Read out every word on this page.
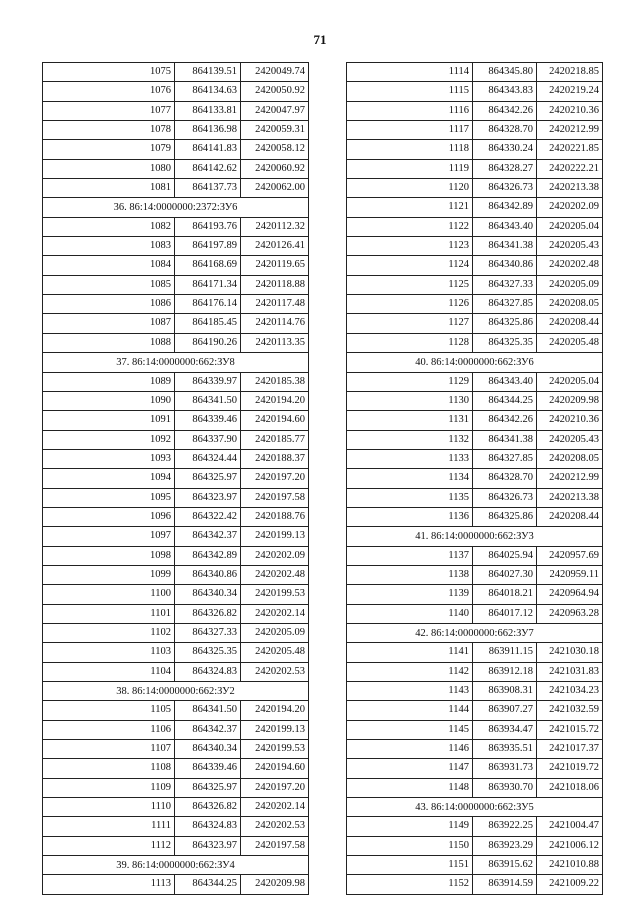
71
1075	864139.51	2420049.74
1076	864134.63	2420050.92
1077	864133.81	2420047.97
1078	864136.98	2420059.31
1079	864141.83	2420058.12
1080	864142.62	2420060.92
1081	864137.73	2420062.00
36. 86:14:0000000:2372:ЗУ6
1082	864193.76	2420112.32
1083	864197.89	2420126.41
1084	864168.69	2420119.65
1085	864171.34	2420118.88
1086	864176.14	2420117.48
1087	864185.45	2420114.76
1088	864190.26	2420113.35
37. 86:14:0000000:662:ЗУ8
1089	864339.97	2420185.38
1090	864341.50	2420194.20
1091	864339.46	2420194.60
1092	864337.90	2420185.77
1093	864324.44	2420188.37
1094	864325.97	2420197.20
1095	864323.97	2420197.58
1096	864322.42	2420188.76
1097	864342.37	2420199.13
1098	864342.89	2420202.09
1099	864340.86	2420202.48
1100	864340.34	2420199.53
1101	864326.82	2420202.14
1102	864327.33	2420205.09
1103	864325.35	2420205.48
1104	864324.83	2420202.53
38. 86:14:0000000:662:ЗУ2
1105	864341.50	2420194.20
1106	864342.37	2420199.13
1107	864340.34	2420199.53
1108	864339.46	2420194.60
1109	864325.97	2420197.20
1110	864326.82	2420202.14
1111	864324.83	2420202.53
1112	864323.97	2420197.58
39. 86:14:0000000:662:ЗУ4
1113	864344.25	2420209.98
1114	864345.80	2420218.85
1115	864343.83	2420219.24
1116	864342.26	2420210.36
1117	864328.70	2420212.99
1118	864330.24	2420221.85
1119	864328.27	2420222.21
1120	864326.73	2420213.38
1121	864342.89	2420202.09
1122	864343.40	2420205.04
1123	864341.38	2420205.43
1124	864340.86	2420202.48
1125	864327.33	2420205.09
1126	864327.85	2420208.05
1127	864325.86	2420208.44
1128	864325.35	2420205.48
40. 86:14:0000000:662:ЗУ6
1129	864343.40	2420205.04
1130	864344.25	2420209.98
1131	864342.26	2420210.36
1132	864341.38	2420205.43
1133	864327.85	2420208.05
1134	864328.70	2420212.99
1135	864326.73	2420213.38
1136	864325.86	2420208.44
41. 86:14:0000000:662:ЗУ3
1137	864025.94	2420957.69
1138	864027.30	2420959.11
1139	864018.21	2420964.94
1140	864017.12	2420963.28
42. 86:14:0000000:662:ЗУ7
1141	863911.15	2421030.18
1142	863912.18	2421031.83
1143	863908.31	2421034.23
1144	863907.27	2421032.59
1145	863934.47	2421015.72
1146	863935.51	2421017.37
1147	863931.73	2421019.72
1148	863930.70	2421018.06
43. 86:14:0000000:662:ЗУ5
1149	863922.25	2421004.47
1150	863923.29	2421006.12
1151	863915.62	2421010.88
1152	863914.59	2421009.22
